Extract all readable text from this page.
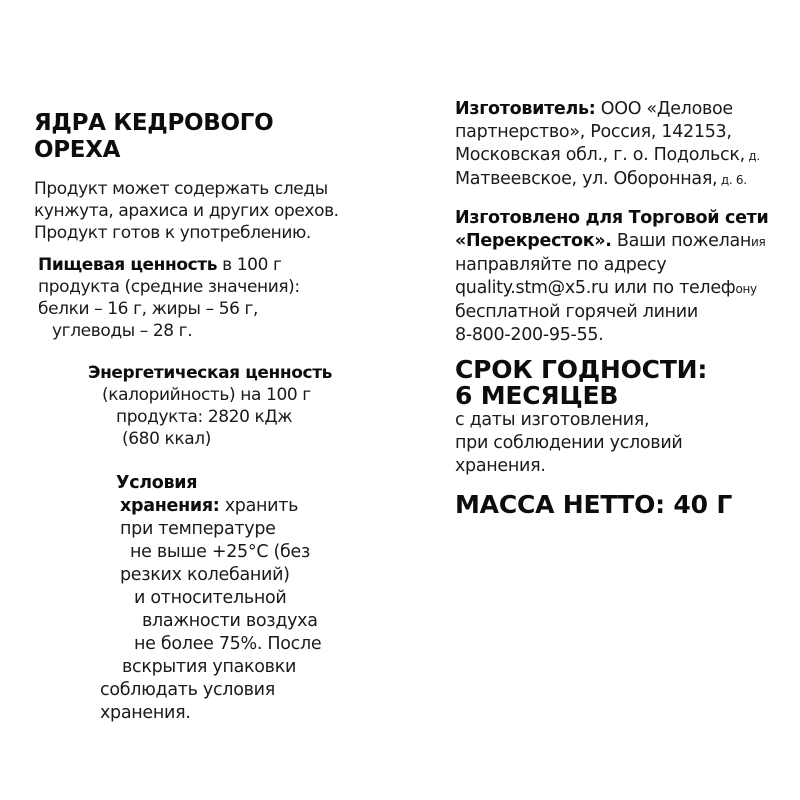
ЯДРА КЕДРОВОГО
ОРЕХА
Продукт может содержать следы
кунжута, арахиса и других орехов.
Продукт готов к употреблению.
Пищевая ценность в 100 г
продукта (средние значения):
белки – 16 г, жиры – 56 г,
углеводы – 28 г.
Энергетическая ценность
(калорийность) на 100 г
продукта: 2820 кДж
(680 ккал)
Условия
хранения: хранить
при температуре
не выше +25°С (без
резких колебаний)
и относительной
влажности воздуха
не более 75%. После
вскрытия упаковки
соблюдать условия
хранения.
Изготовитель: ООО «Деловое
партнерство», Россия, 142153,
Московская обл., г. о. Подольск, д.
Матвеевское, ул. Оборонная, д. 6.
Изготовлено для Торговой сети
«Перекресток». Ваши пожелания
направляйте по адресу
quality.stm@x5.ru или по телефону
бесплатной горячей линии
8-800-200-95-55.
СРОК ГОДНОСТИ:
6 МЕСЯЦЕВ
с даты изготовления,
при соблюдении условий
хранения.
МАССА НЕТТО: 40 Г
